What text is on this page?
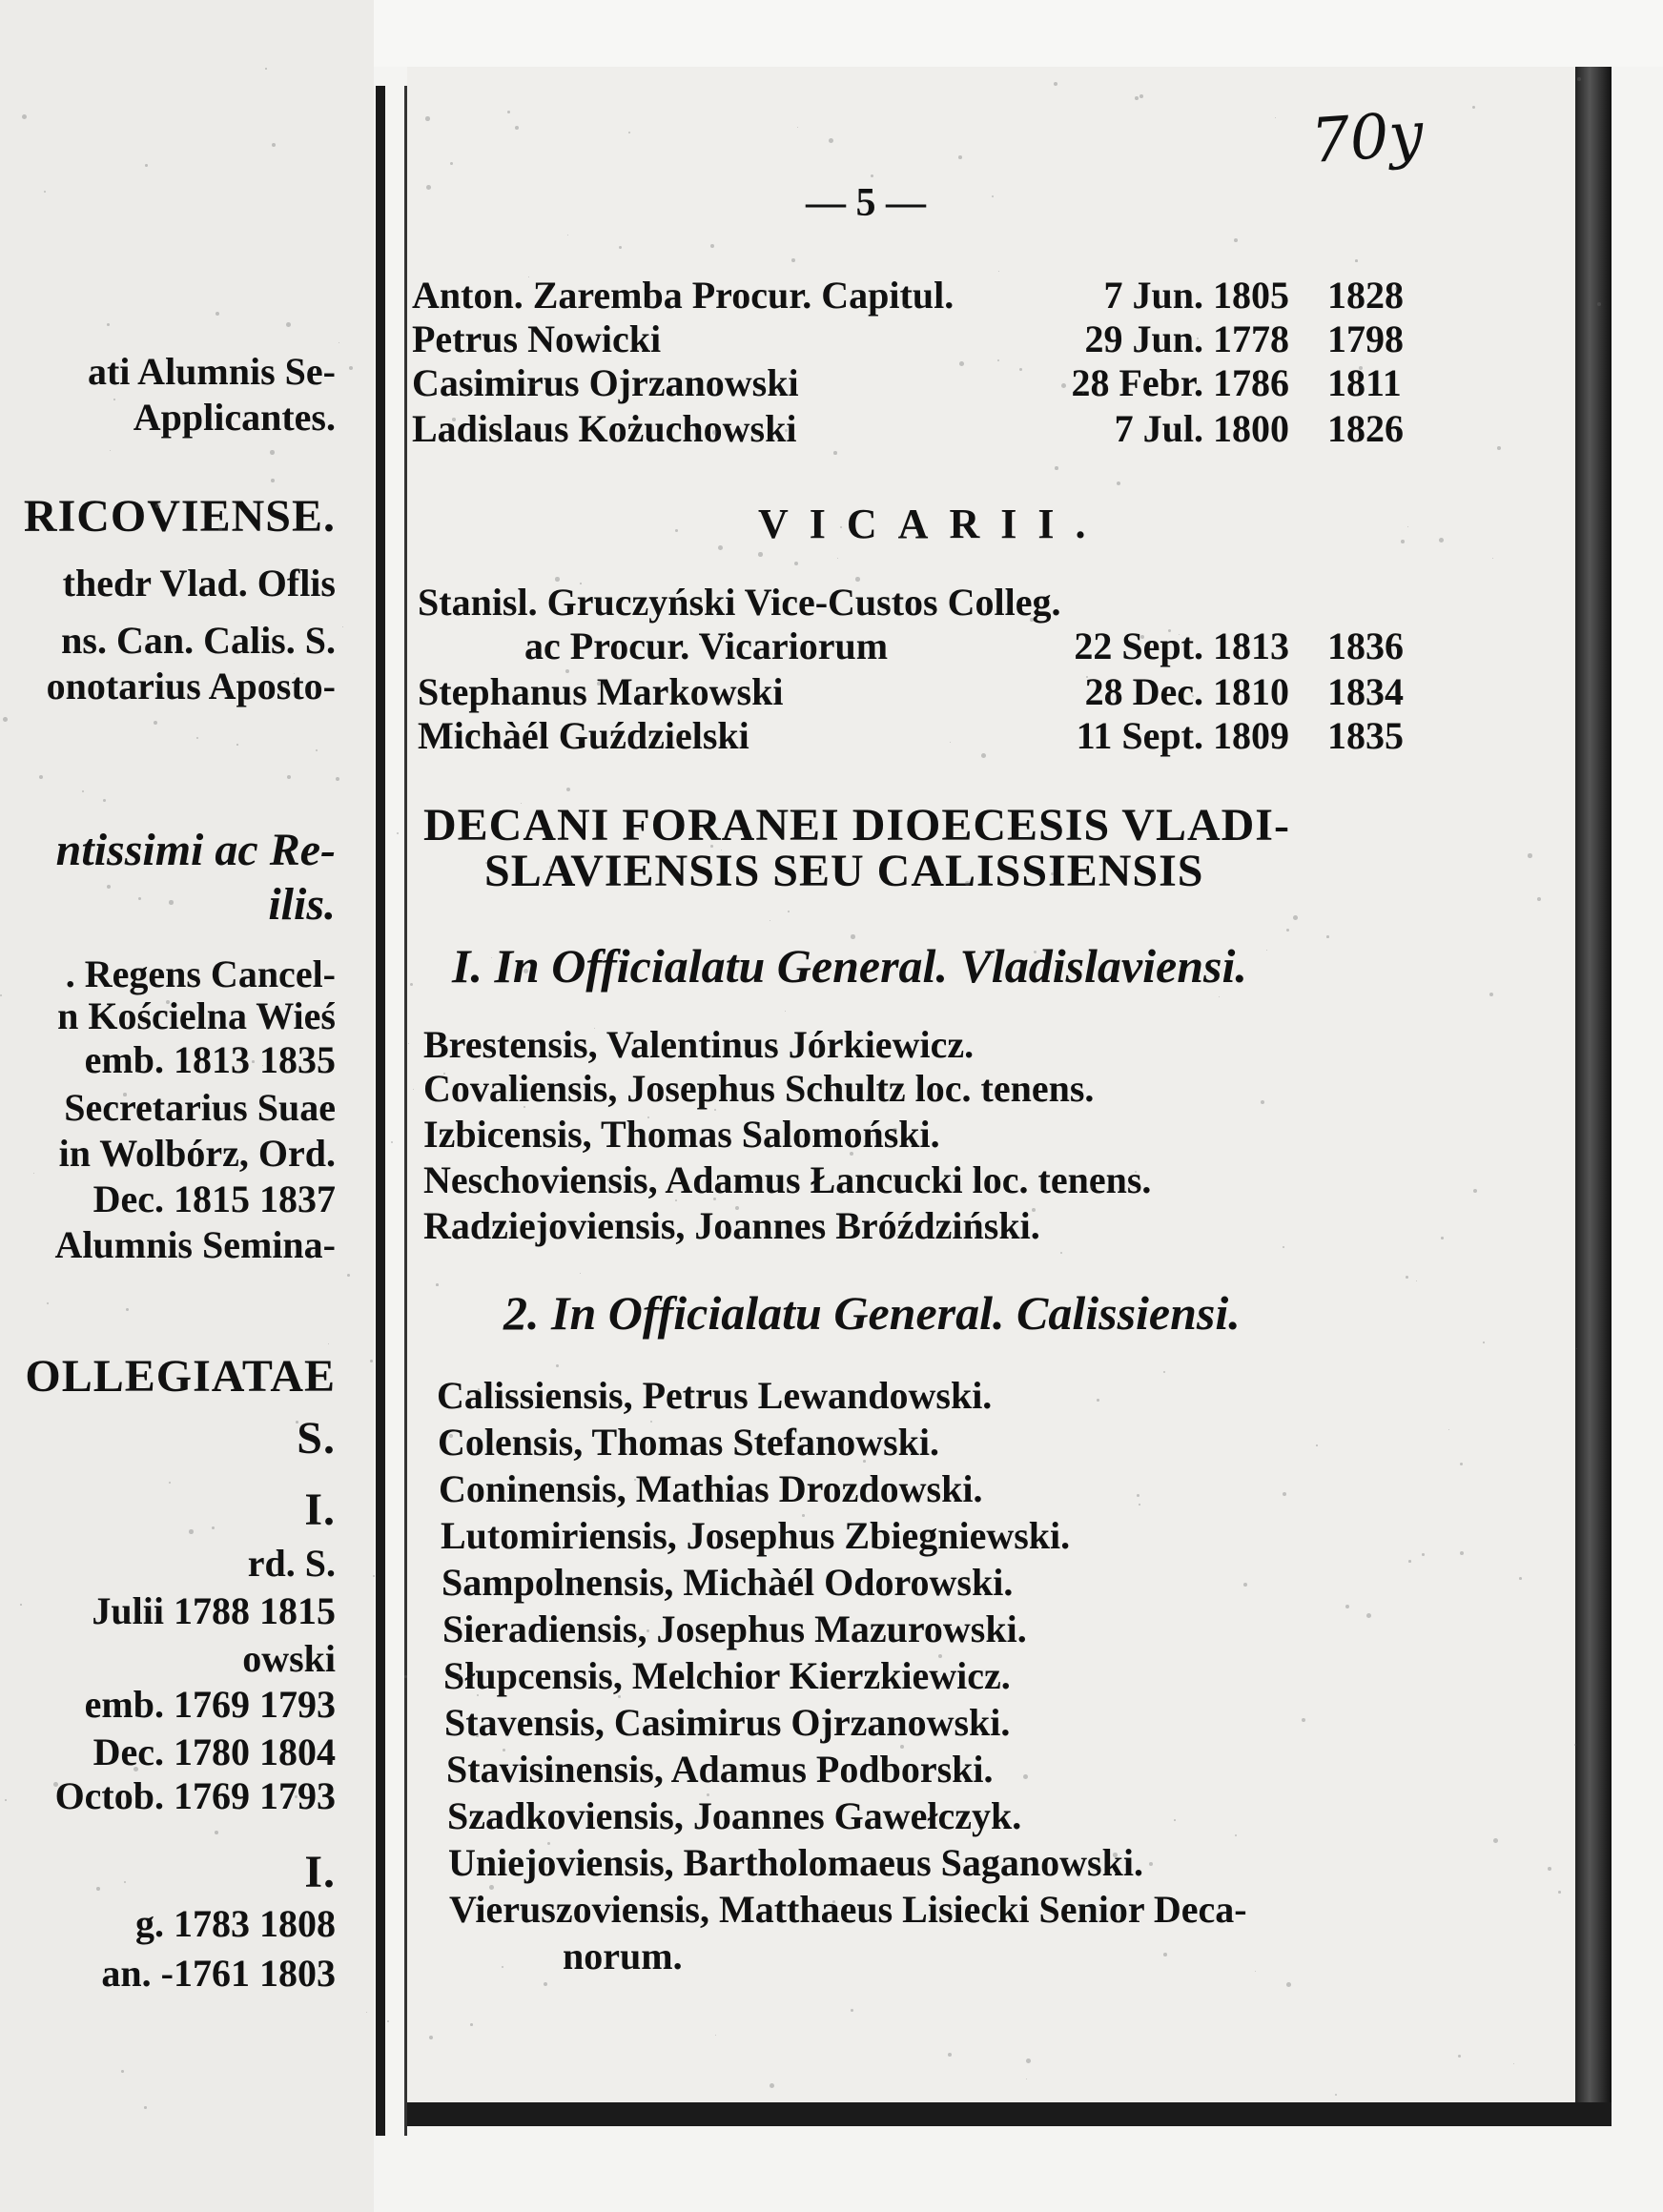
ati Alumnis Se-
Applicantes.
RICOVIENSE.
thedr Vlad. Oflis
ns. Can. Calis. S.
onotarius Aposto-
ntissimi ac Re-
ilis.
. Regens Cancel-
n Kościelna Wieś
emb. 1813 1835
Secretarius Suae
in Wolbórz, Ord.
Dec. 1815 1837
Alumnis Semina-
OLLEGIATAE
S.
I.
rd. S.
Julii 1788 1815
owski
emb. 1769 1793
Dec. 1780 1804
Octob. 1769 1793
I.
g. 1783 1808
an. -1761 1803
70y
— 5 —
VICARII.
DECANI FORANEI DIOECESIS VLADI-
SLAVIENSIS SEU CALISSIENSIS
I. In Officialatu General. Vladislaviensi.
2. In Officialatu General. Calissiensi.
Anton. Zaremba Procur. Capitul.	7 Jun. 1805 1828
Petrus Nowicki	29 Jun. 1778 1798
Casimirus Ojrzanowski	28 Febr. 1786 1811
Ladislaus Kożuchowski	7 Jul. 1800 1826
Stanisl. Gruczyński Vice-Custos Colleg.
ac Procur. Vicariorum	22 Sept. 1813 1836
Stephanus Markowski	28 Dec. 1810 1834
Michàél Guździelski	11 Sept. 1809 1835
Brestensis, Valentinus Jórkiewicz.
Covaliensis, Josephus Schultz loc. tenens.
Izbicensis, Thomas Salomoński.
Neschoviensis, Adamus Łancucki loc. tenens.
Radziejoviensis, Joannes Bróździński.
Calissiensis, Petrus Lewandowski.
Colensis, Thomas Stefanowski.
Coninensis, Mathias Drozdowski.
Lutomiriensis, Josephus Zbiegniewski.
Sampolnensis, Michàél Odorowski.
Sieradiensis, Josephus Mazurowski.
Słupcensis, Melchior Kierzkiewicz.
Stavensis, Casimirus Ojrzanowski.
Stavisinensis, Adamus Podborski.
Szadkoviensis, Joannes Gawełczyk.
Uniejoviensis, Bartholomaeus Saganowski.
Vieruszoviensis, Matthaeus Lisiecki Senior Deca-
norum.
